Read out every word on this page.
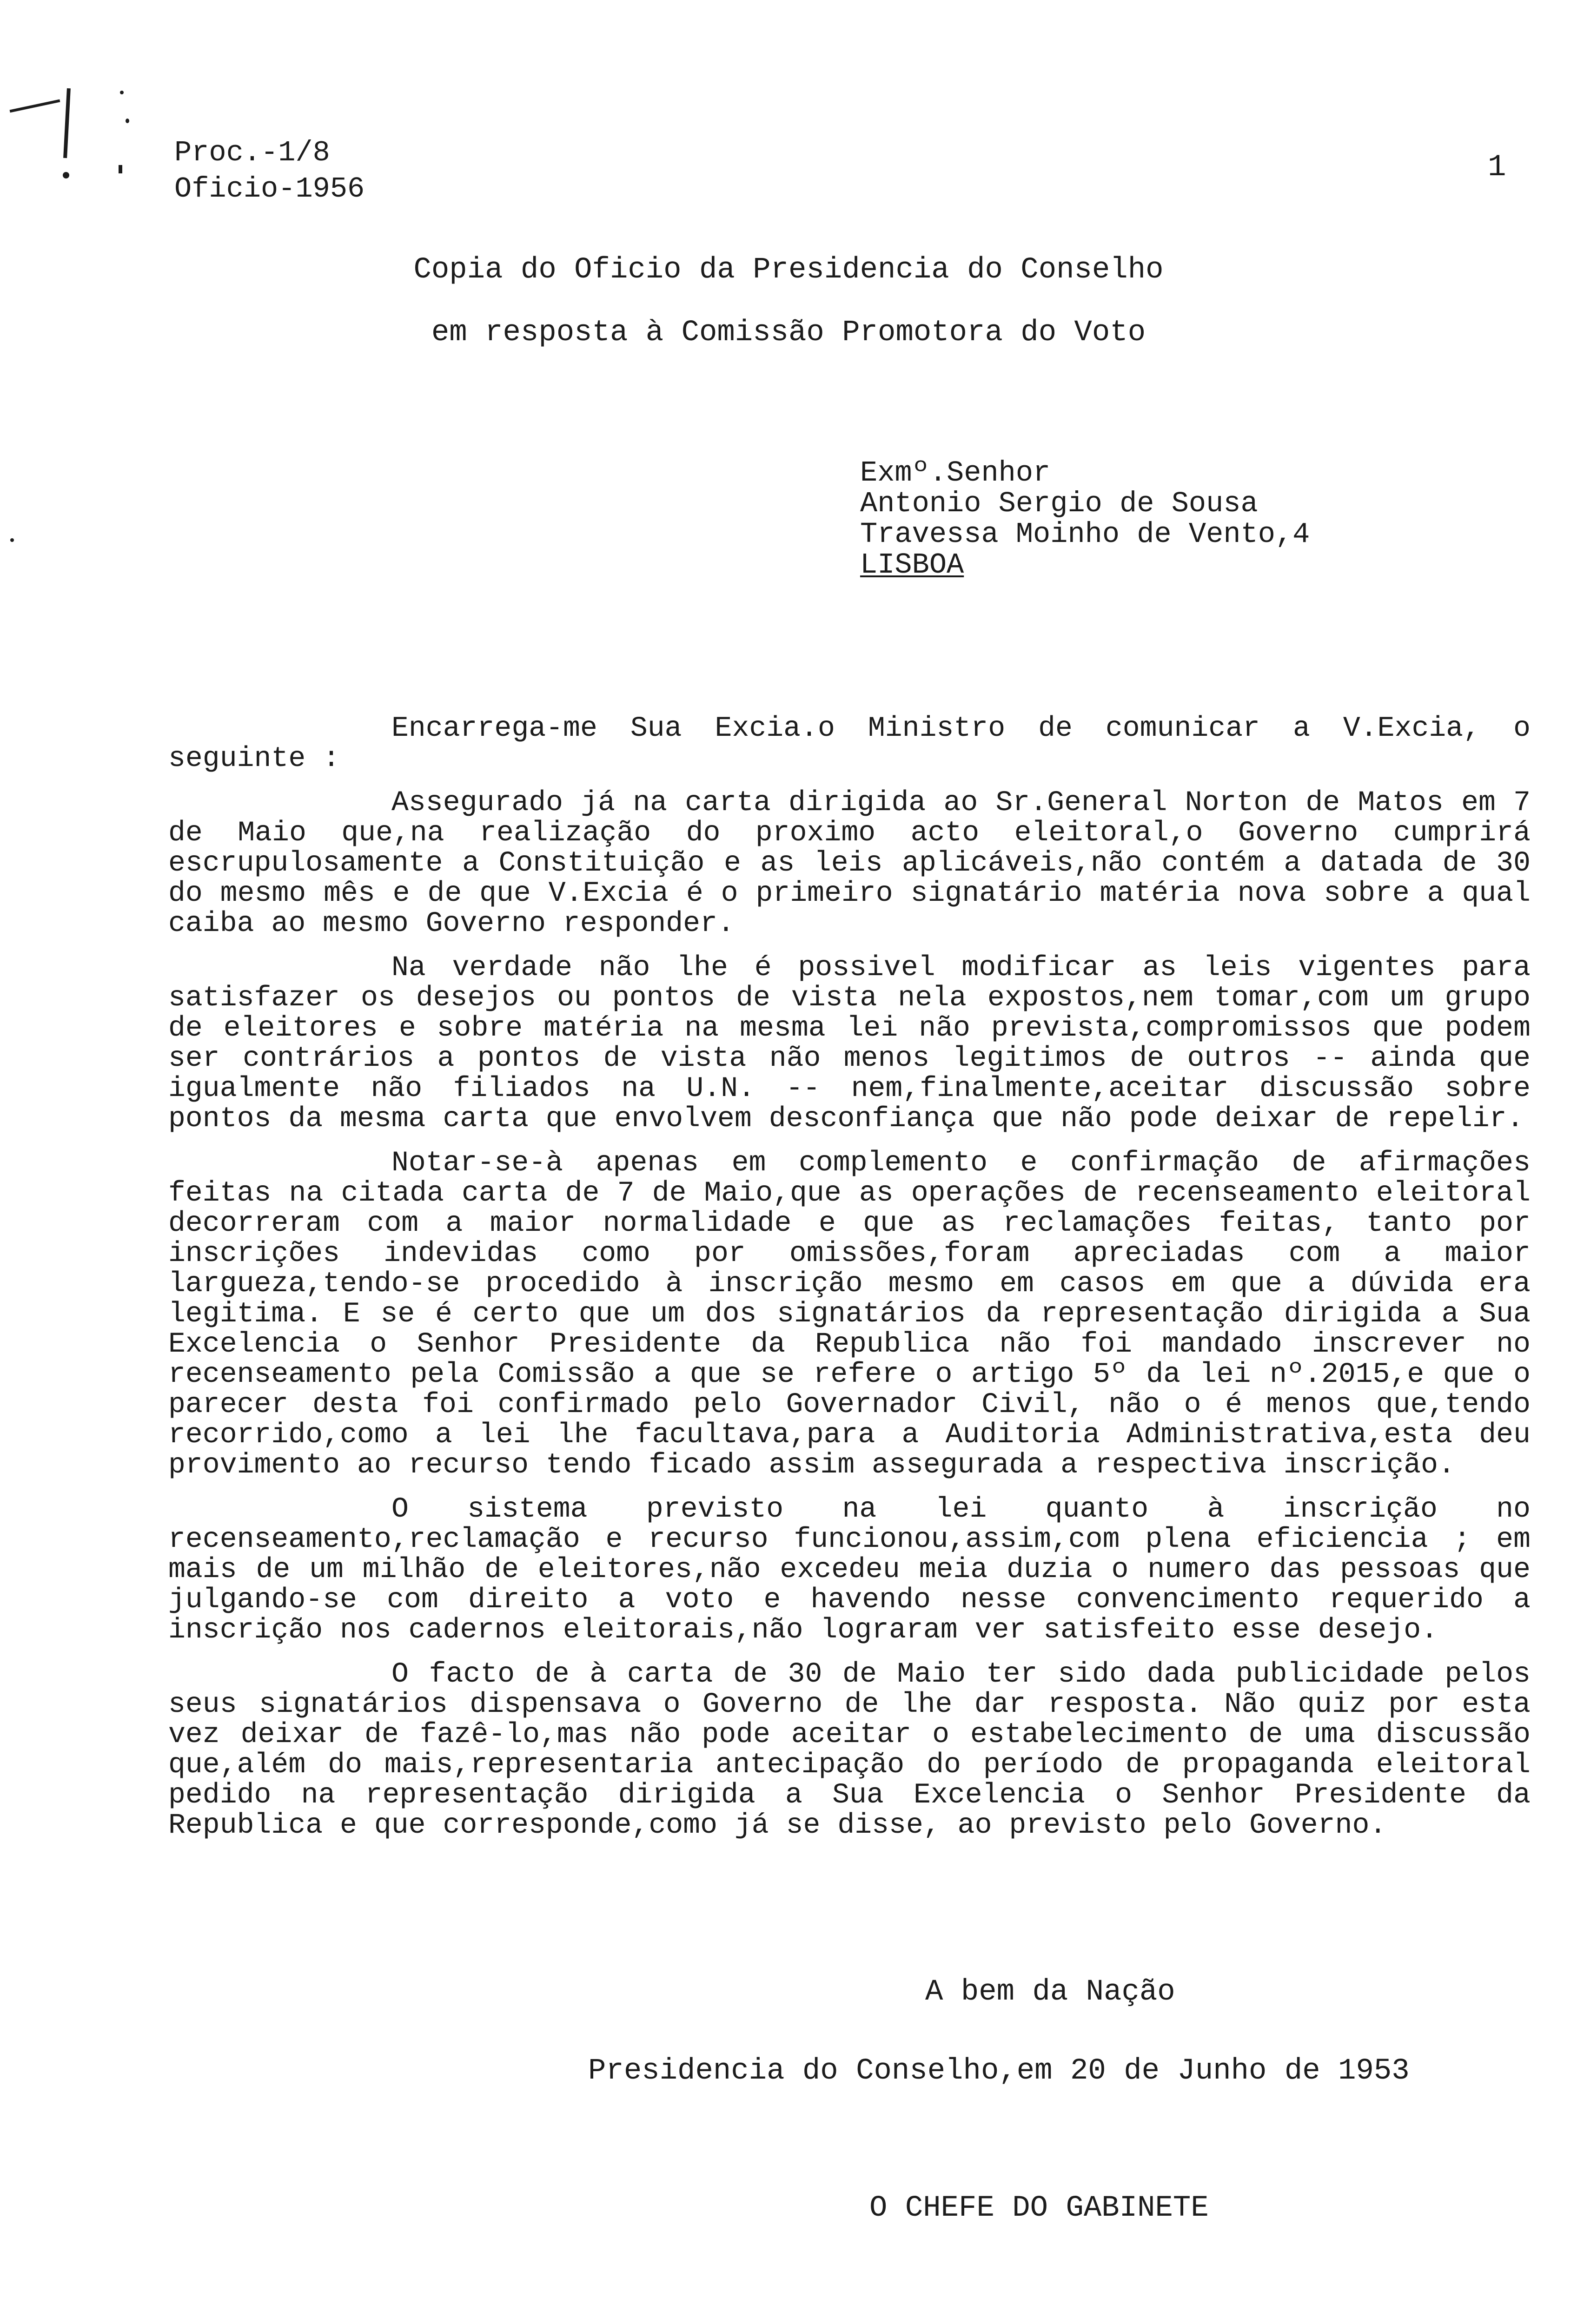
Proc.-1/8
Oficio-1956
1
Copia do Oficio da Presidencia do Conselho
em resposta à Comissão Promotora do Voto
Exmº.Senhor
Antonio Sergio de Sousa
Travessa Moinho de Vento,4
LISBOA

Encarrega-me Sua Excia.o Ministro de comunicar a V.Excia, o seguinte :

Assegurado já na carta dirigida ao Sr.General Norton de Matos em 7 de Maio que,na realização do proximo acto eleitoral,o Governo cumprirá escrupulosamente a Constituição e as leis aplicáveis,não contém a datada de 30 do mesmo mês e de que V.Excia é o primeiro signatário matéria nova sobre a qual caiba ao mesmo Governo responder.

Na verdade não lhe é possivel modificar as leis vigentes para satisfazer os desejos ou pontos de vista nela expostos,nem tomar,com um grupo de eleitores e sobre matéria na mesma lei não prevista,compromissos que podem ser contrários a pontos de vista não menos legitimos de outros -- ainda que igualmente não filiados na U.N. -- nem,finalmente,aceitar discussão sobre pontos da mesma carta que envolvem desconfiança que não pode deixar de repelir.

Notar-se-à apenas em complemento e confirmação de afirmações feitas na citada carta de 7 de Maio,que as operações de recenseamento eleitoral decorreram com a maior normalidade e que as reclamações feitas, tanto por inscrições indevidas como por omissões,foram apreciadas com a maior largueza,tendo-se procedido à inscrição mesmo em casos em que a dúvida era legitima. E se é certo que um dos signatários da representação dirigida a Sua Excelencia o Senhor Presidente da Republica não foi mandado inscrever no recenseamento pela Comissão a que se refere o artigo 5º da lei nº.2015,e que o parecer desta foi confirmado pelo Governador Civil, não o é menos que,tendo recorrido,como a lei lhe facultava,para a Auditoria Administrativa,esta deu provimento ao recurso tendo ficado assim assegurada a respectiva inscrição.

O sistema previsto na lei quanto à inscrição no recenseamento,reclamação e recurso funcionou,assim,com plena eficiencia ; em mais de um milhão de eleitores,não excedeu meia duzia o numero das pessoas que julgando-se com direito a voto e havendo nesse convencimento requerido a inscrição nos cadernos eleitorais,não lograram ver satisfeito esse desejo.

O facto de à carta de 30 de Maio ter sido dada publicidade pelos seus signatários dispensava o Governo de lhe dar resposta. Não quiz por esta vez deixar de fazê-lo,mas não pode aceitar o estabelecimento de uma discussão que,além do mais,representaria antecipação do período de propaganda eleitoral pedido na representação dirigida a Sua Excelencia o Senhor Presidente da Republica e que corresponde,como já se disse, ao previsto pelo Governo.

A bem da Nação
Presidencia do Conselho,em 20 de Junho de 1953
O CHEFE DO GABINETE
